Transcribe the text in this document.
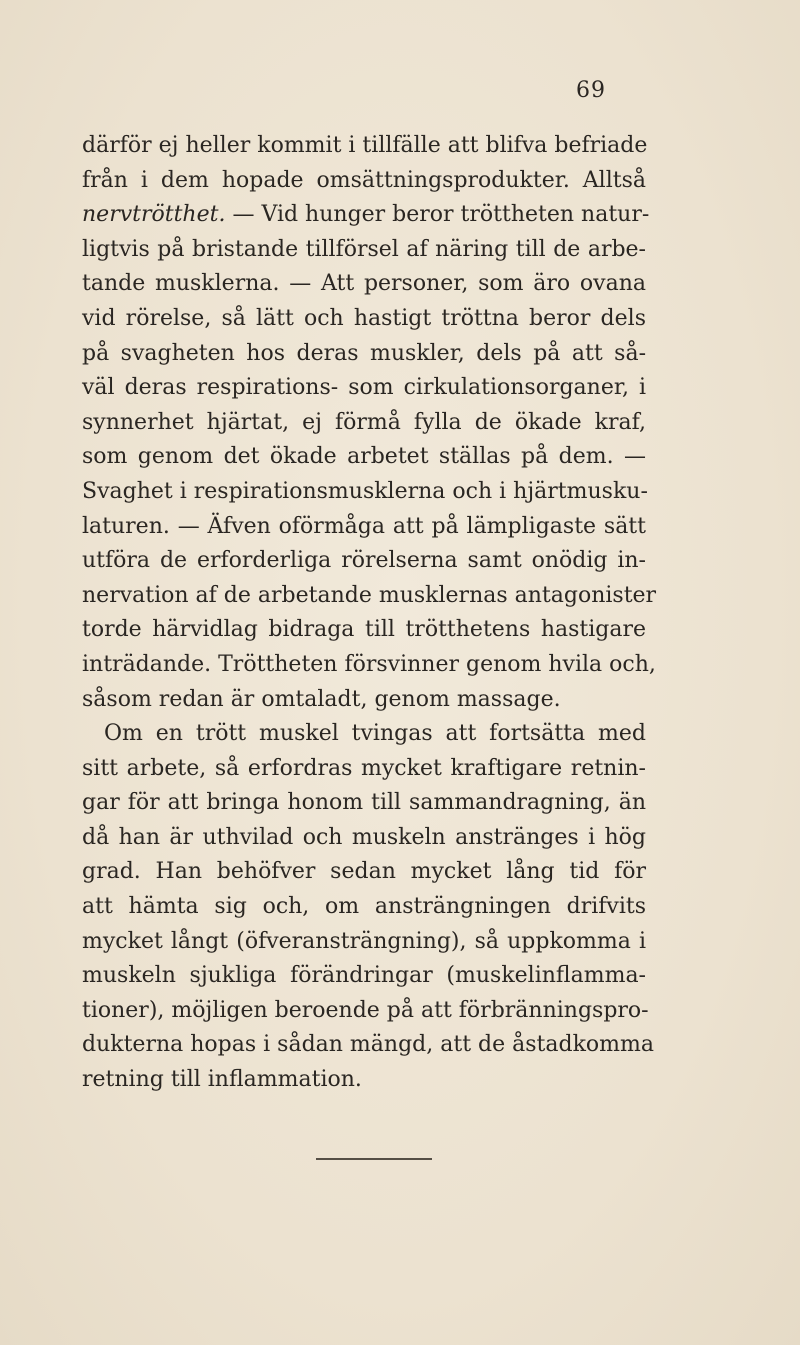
69
därför ej heller kommit i tillfälle att blifva befriade
från i dem hopade omsättningsprodukter. Alltså
nervtrötthet. — Vid hunger beror tröttheten natur-
ligtvis på bristande tillförsel af näring till de arbe-
tande musklerna. — Att personer, som äro ovana
vid rörelse, så lätt och hastigt tröttna beror dels
på svagheten hos deras muskler, dels på att så-
väl deras respirations- som cirkulationsorganer, i
synnerhet hjärtat, ej förmå fylla de ökade kraf,
som genom det ökade arbetet ställas på dem. —
Svaghet i respirationsmusklerna och i hjärtmusku-
laturen. — Äfven oförmåga att på lämpligaste sätt
utföra de erforderliga rörelserna samt onödig in-
nervation af de arbetande musklernas antagonister
torde härvidlag bidraga till trötthetens hastigare
inträdande. Tröttheten försvinner genom hvila och,
såsom redan är omtaladt, genom massage.
Om en trött muskel tvingas att fortsätta med
sitt arbete, så erfordras mycket kraftigare retnin-
gar för att bringa honom till sammandragning, än
då han är uthvilad och muskeln anstränges i hög
grad. Han behöfver sedan mycket lång tid för
att hämta sig och, om ansträngningen drifvits
mycket långt (öfveransträngning), så uppkomma i
muskeln sjukliga förändringar (muskelinflamma-
tioner), möjligen beroende på att förbränningspro-
dukterna hopas i sådan mängd, att de åstadkomma
retning till inflammation.
